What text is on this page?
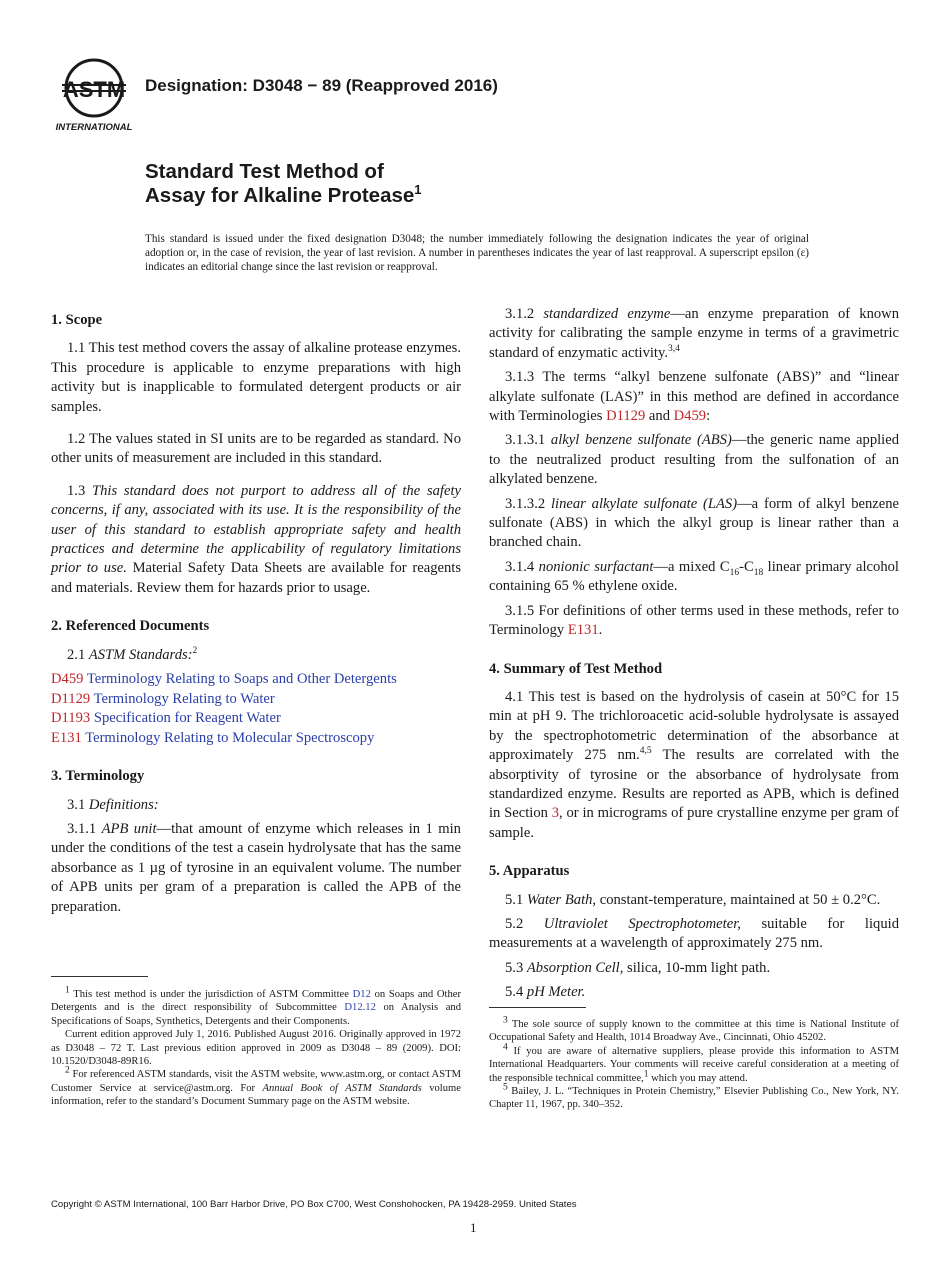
ASTM
INTERNATIONAL
Designation: D3048 − 89 (Reapproved 2016)
Standard Test Method of
Assay for Alkaline Protease$^1$
This standard is issued under the fixed designation D3048; the number immediately following the designation indicates the year of original adoption or, in the case of revision, the year of last revision. A number in parentheses indicates the year of last reapproval. A superscript epsilon (ε) indicates an editorial change since the last revision or reapproval.
1. Scope

1.1 This test method covers the assay of alkaline protease enzymes. This procedure is applicable to enzyme preparations with high activity but is inapplicable to formulated detergent products or air samples.

1.2 The values stated in SI units are to be regarded as standard. No other units of measurement are included in this standard.

1.3 This standard does not purport to address all of the safety concerns, if any, associated with its use. It is the responsibility of the user of this standard to establish appropriate safety and health practices and determine the applicability of regulatory limitations prior to use. Material Safety Data Sheets are available for reagents and materials. Review them for hazards prior to usage.

2. Referenced Documents

2.1 ASTM Standards:$^2$

D459 Terminology Relating to Soaps and Other Detergents
D1129 Terminology Relating to Water
D1193 Specification for Reagent Water
E131 Terminology Relating to Molecular Spectroscopy
3. Terminology

3.1 Definitions:

3.1.1 APB unit—that amount of enzyme which releases in 1 min under the conditions of the test a casein hydrolysate that has the same absorbance as 1 µg of tyrosine in an equivalent volume. The number of APB units per gram of a preparation is called the APB of the preparation.

$^1$ This test method is under the jurisdiction of ASTM Committee D12 on Soaps and Other Detergents and is the direct responsibility of Subcommittee D12.12 on Analysis and Specifications of Soaps, Synthetics, Detergents and their Components.

Current edition approved July 1, 2016. Published August 2016. Originally approved in 1972 as D3048 – 72 T. Last previous edition approved in 2009 as D3048 – 89 (2009). DOI: 10.1520/D3048-89R16.

$^2$ For referenced ASTM standards, visit the ASTM website, www.astm.org, or contact ASTM Customer Service at service@astm.org. For Annual Book of ASTM Standards volume information, refer to the standard’s Document Summary page on the ASTM website.

3.1.2 standardized enzyme—an enzyme preparation of known activity for calibrating the sample enzyme in terms of a gravimetric standard of enzymatic activity.$^{3,4}$

3.1.3 The terms “alkyl benzene sulfonate (ABS)” and “linear alkylate sulfonate (LAS)” in this method are defined in accordance with Terminologies D1129 and D459:

3.1.3.1 alkyl benzene sulfonate (ABS)—the generic name applied to the neutralized product resulting from the sulfonation of an alkylated benzene.

3.1.3.2 linear alkylate sulfonate (LAS)—a form of alkyl benzene sulfonate (ABS) in which the alkyl group is linear rather than a branched chain.

3.1.4 nonionic surfactant—a mixed $C_{16}-C_{18}$ linear primary alcohol containing 65 % ethylene oxide.

3.1.5 For definitions of other terms used in these methods, refer to Terminology E131.

4. Summary of Test Method

4.1 This test is based on the hydrolysis of casein at 50°C for 15 min at pH 9. The trichloroacetic acid-soluble hydrolysate is assayed by the spectrophotometric determination of the absorbance at approximately 275 nm.$^{4,5}$ The results are correlated with the absorptivity of tyrosine or the absorbance of hydrolysate from standardized enzyme. Results are reported as APB, which is defined in Section 3, or in micrograms of pure crystalline enzyme per gram of sample.

5. Apparatus

5.1 Water Bath, constant-temperature, maintained at 50 ± 0.2°C.

5.2 Ultraviolet Spectrophotometer, suitable for liquid measurements at a wavelength of approximately 275 nm.

5.3 Absorption Cell, silica, 10-mm light path.

5.4 pH Meter.

$^3$ The sole source of supply known to the committee at this time is National Institute of Occupational Safety and Health, 1014 Broadway Ave., Cincinnati, Ohio 45202.

$^4$ If you are aware of alternative suppliers, please provide this information to ASTM International Headquarters. Your comments will receive careful consideration at a meeting of the responsible technical committee,$^1$ which you may attend.

$^5$ Bailey, J. L. “Techniques in Protein Chemistry,” Elsevier Publishing Co., New York, NY. Chapter 11, 1967, pp. 340–352.

Copyright © ASTM International, 100 Barr Harbor Drive, PO Box C700, West Conshohocken, PA 19428-2959. United States
1
